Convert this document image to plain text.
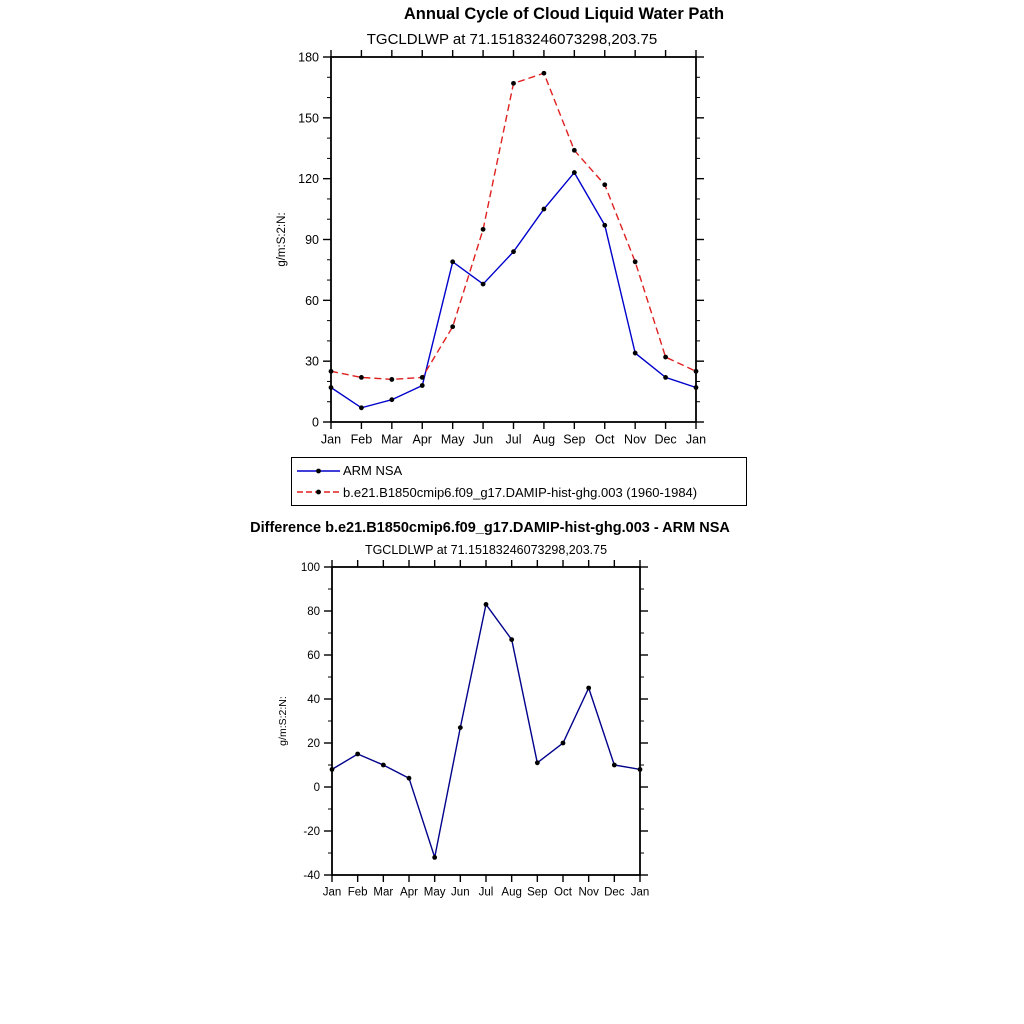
Annual Cycle of Cloud Liquid Water Path
TGCLDLWP at 71.15183246073298,203.75
0
30
60
90
120
150
180
Jan Feb Mar Apr May Jun Jul Aug Sep Oct Nov Dec Jan
g/m:S:2:N:
ARM NSA
b.e21.B1850cmip6.f09_g17.DAMIP-hist-ghg.003 (1960-1984)
Difference b.e21.B1850cmip6.f09_g17.DAMIP-hist-ghg.003 - ARM NSA
TGCLDLWP at 71.15183246073298,203.75
-40
-20
0
20
40
60
80
100
Jan Feb Mar Apr May Jun Jul Aug Sep Oct Nov Dec Jan
g/m:S:2:N:
